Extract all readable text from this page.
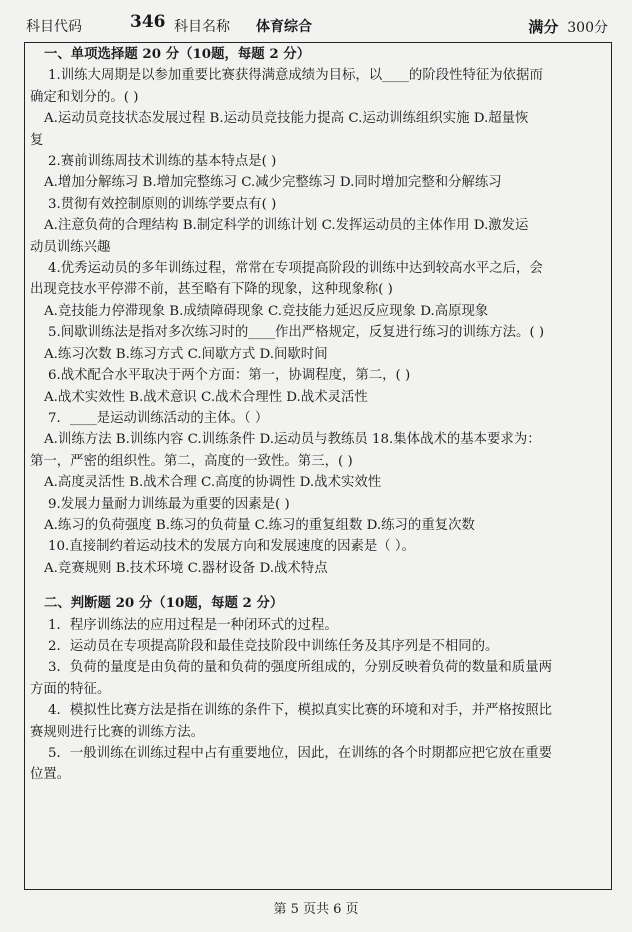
科目代码	346 科目名称 体育综合	满分 300分

一、单项选择题 20 分（10题，每题 2 分）

1.训练大周期是以参加重要比赛获得满意成绩为目标，以____的阶段性特征为依据而

确定和划分的。( )

A.运动员竞技状态发展过程 B.运动员竞技能力提高 C.运动训练组织实施 D.超量恢

复

2.赛前训练周技术训练的基本特点是( )

A.增加分解练习 B.增加完整练习 C.减少完整练习 D.同时增加完整和分解练习

3.贯彻有效控制原则的训练学要点有( )

A.注意负荷的合理结构 B.制定科学的训练计划 C.发挥运动员的主体作用 D.激发运

动员训练兴趣

4.优秀运动员的多年训练过程，常常在专项提高阶段的训练中达到较高水平之后，会

出现竞技水平停滞不前，甚至略有下降的现象，这种现象称( )

A.竞技能力停滞现象 B.成绩障碍现象 C.竞技能力延迟反应现象 D.高原现象

5.间歇训练法是指对多次练习时的____作出严格规定，反复进行练习的训练方法。( )

A.练习次数 B.练习方式 C.间歇方式 D.间歇时间

6.战术配合水平取决于两个方面：第一，协调程度，第二，( )

A.战术实效性 B.战术意识 C.战术合理性 D.战术灵活性

7．____是运动训练活动的主体。（ ）

A.训练方法 B.训练内容 C.训练条件 D.运动员与教练员 18.集体战术的基本要求为：

第一，严密的组织性。第二，高度的一致性。第三，( )

A.高度灵活性 B.战术合理 C.高度的协调性 D.战术实效性

9.发展力量耐力训练最为重要的因素是( )

A.练习的负荷强度 B.练习的负荷量 C.练习的重复组数 D.练习的重复次数

10.直接制约着运动技术的发展方向和发展速度的因素是（ ）。

A.竞赛规则 B.技术环境 C.器材设备 D.战术特点

二、判断题 20 分（10题，每题 2 分）

1．程序训练法的应用过程是一种闭环式的过程。

2．运动员在专项提高阶段和最佳竞技阶段中训练任务及其序列是不相同的。

3．负荷的量度是由负荷的量和负荷的强度所组成的，分别反映着负荷的数量和质量两

方面的特征。

4．模拟性比赛方法是指在训练的条件下，模拟真实比赛的环境和对手，并严格按照比

赛规则进行比赛的训练方法。

5．一般训练在训练过程中占有重要地位，因此，在训练的各个时期都应把它放在重要

位置。

第 5 页共 6 页
